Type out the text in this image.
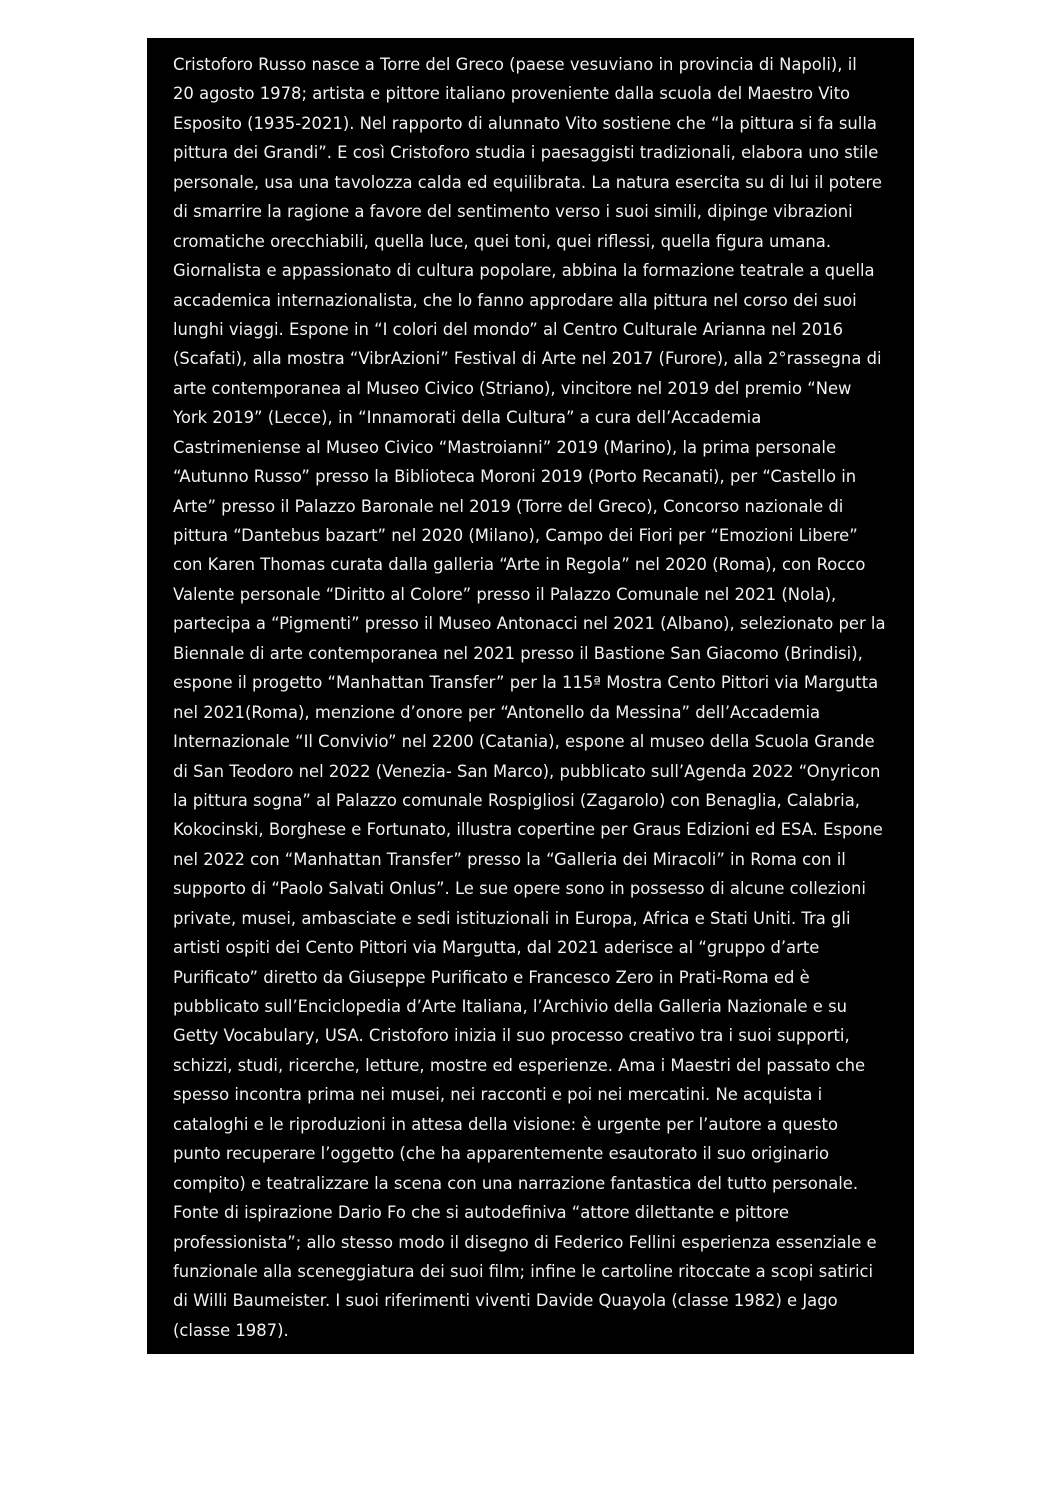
Cristoforo Russo nasce a Torre del Greco (paese vesuviano in provincia di Napoli), il
20 agosto 1978; artista e pittore italiano proveniente dalla scuola del Maestro Vito
Esposito (1935-2021). Nel rapporto di alunnato Vito sostiene che “la pittura si fa sulla
pittura dei Grandi”. E così Cristoforo studia i paesaggisti tradizionali, elabora uno stile
personale, usa una tavolozza calda ed equilibrata. La natura esercita su di lui il potere
di smarrire la ragione a favore del sentimento verso i suoi simili, dipinge vibrazioni
cromatiche orecchiabili, quella luce, quei toni, quei riflessi, quella figura umana.
Giornalista e appassionato di cultura popolare, abbina la formazione teatrale a quella
accademica internazionalista, che lo fanno approdare alla pittura nel corso dei suoi
lunghi viaggi. Espone in “I colori del mondo” al Centro Culturale Arianna nel 2016
(Scafati), alla mostra “VibrAzioni” Festival di Arte nel 2017 (Furore), alla 2°rassegna di
arte contemporanea al Museo Civico (Striano), vincitore nel 2019 del premio “New
York 2019” (Lecce), in “Innamorati della Cultura” a cura dell’Accademia
Castrimeniense al Museo Civico “Mastroianni” 2019 (Marino), la prima personale
“Autunno Russo” presso la Biblioteca Moroni 2019 (Porto Recanati), per “Castello in
Arte” presso il Palazzo Baronale nel 2019 (Torre del Greco), Concorso nazionale di
pittura “Dantebus bazart” nel 2020 (Milano), Campo dei Fiori per “Emozioni Libere”
con Karen Thomas curata dalla galleria “Arte in Regola” nel 2020 (Roma), con Rocco
Valente personale “Diritto al Colore” presso il Palazzo Comunale nel 2021 (Nola),
partecipa a “Pigmenti” presso il Museo Antonacci nel 2021 (Albano), selezionato per la
Biennale di arte contemporanea nel 2021 presso il Bastione San Giacomo (Brindisi),
espone il progetto “Manhattan Transfer” per la 115ª Mostra Cento Pittori via Margutta
nel 2021(Roma), menzione d’onore per “Antonello da Messina” dell’Accademia
Internazionale “Il Convivio” nel 2200 (Catania), espone al museo della Scuola Grande
di San Teodoro nel 2022 (Venezia- San Marco), pubblicato sull’Agenda 2022 “Onyricon
la pittura sogna” al Palazzo comunale Rospigliosi (Zagarolo) con Benaglia, Calabria,
Kokocinski, Borghese e Fortunato, illustra copertine per Graus Edizioni ed ESA. Espone
nel 2022 con “Manhattan Transfer” presso la “Galleria dei Miracoli” in Roma con il
supporto di “Paolo Salvati Onlus”. Le sue opere sono in possesso di alcune collezioni
private, musei, ambasciate e sedi istituzionali in Europa, Africa e Stati Uniti. Tra gli
artisti ospiti dei Cento Pittori via Margutta, dal 2021 aderisce al “gruppo d’arte
Purificato” diretto da Giuseppe Purificato e Francesco Zero in Prati-Roma ed è
pubblicato sull’Enciclopedia d’Arte Italiana, l’Archivio della Galleria Nazionale e su
Getty Vocabulary, USA. Cristoforo inizia il suo processo creativo tra i suoi supporti,
schizzi, studi, ricerche, letture, mostre ed esperienze. Ama i Maestri del passato che
spesso incontra prima nei musei, nei racconti e poi nei mercatini. Ne acquista i
cataloghi e le riproduzioni in attesa della visione: è urgente per l’autore a questo
punto recuperare l’oggetto (che ha apparentemente esautorato il suo originario
compito) e teatralizzare la scena con una narrazione fantastica del tutto personale.
Fonte di ispirazione Dario Fo che si autodefiniva “attore dilettante e pittore
professionista”; allo stesso modo il disegno di Federico Fellini esperienza essenziale e
funzionale alla sceneggiatura dei suoi film; infine le cartoline ritoccate a scopi satirici
di Willi Baumeister. I suoi riferimenti viventi Davide Quayola (classe 1982) e Jago
(classe 1987).
